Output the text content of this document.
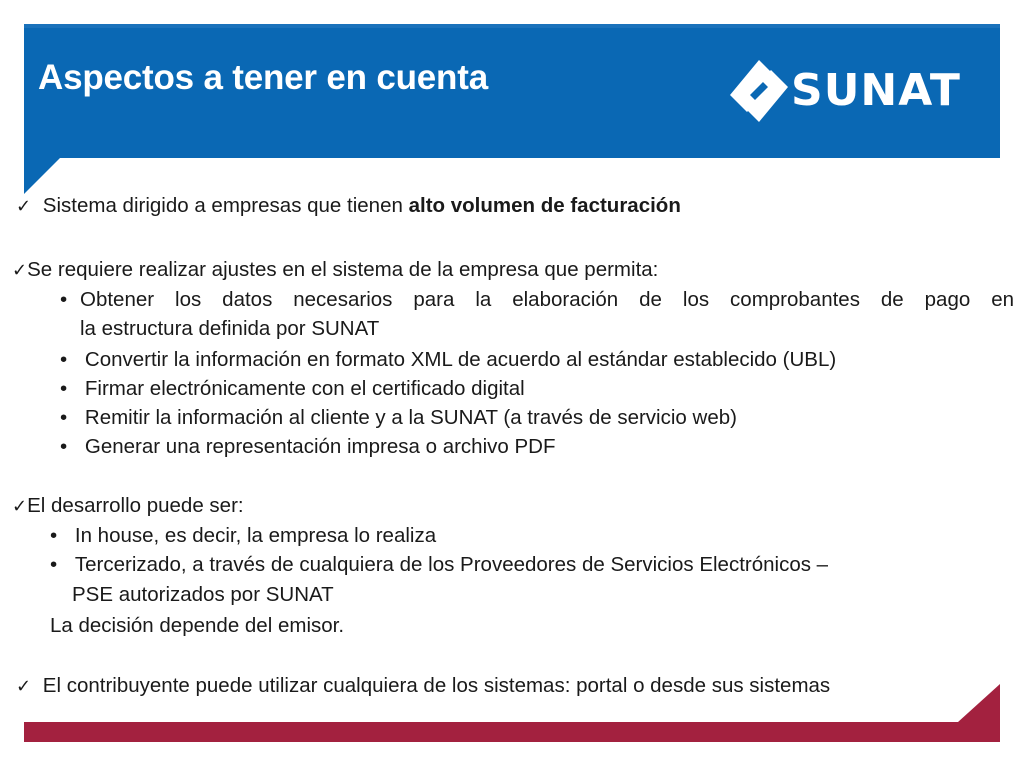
Aspectos a tener en cuenta	SUNAT
✓ Sistema dirigido a empresas que tienen alto volumen de facturación
✓Se requiere realizar ajustes en el sistema de la empresa que permita:
• Obtener los datos necesarios para la elaboración de los comprobantes de pago en
la estructura definida por SUNAT
• Convertir la información en formato XML de acuerdo al estándar establecido (UBL)
• Firmar electrónicamente con el certificado digital
• Remitir la información al cliente y a la SUNAT (a través de servicio web)
• Generar una representación impresa o archivo PDF
✓El desarrollo puede ser:
• In house, es decir, la empresa lo realiza
• Tercerizado, a través de cualquiera de los Proveedores de Servicios Electrónicos –
PSE autorizados por SUNAT
La decisión depende del emisor.
✓ El contribuyente puede utilizar cualquiera de los sistemas: portal o desde sus sistemas
